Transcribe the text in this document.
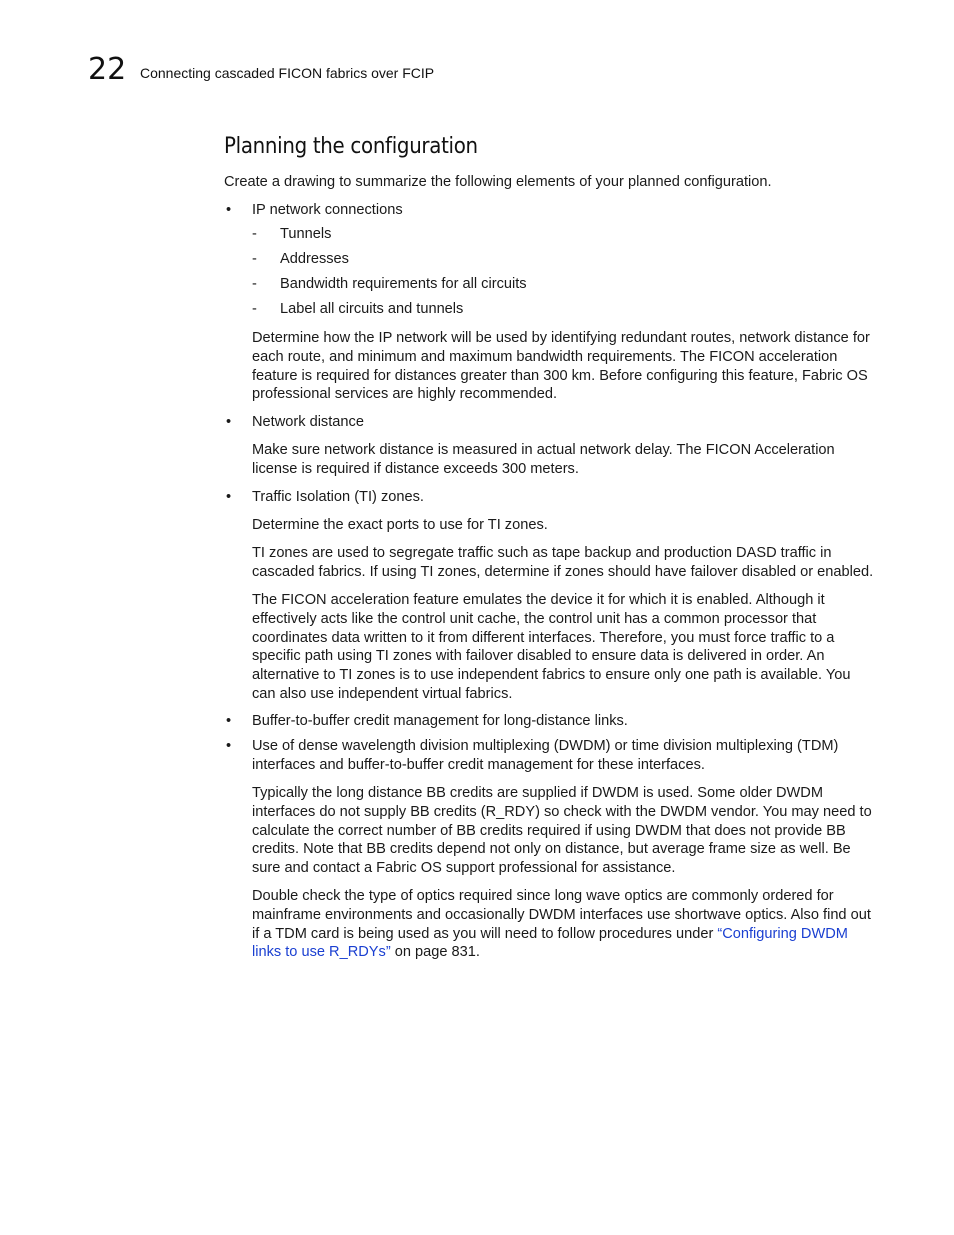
22 Connecting cascaded FICON fabrics over FCIP
Planning the configuration

Create a drawing to summarize the following elements of your planned configuration.

• IP network connections
- Tunnels
- Addresses
- Bandwidth requirements for all circuits
- Label all circuits and tunnels

Determine how the IP network will be used by identifying redundant routes, network distance for each route, and minimum and maximum bandwidth requirements. The FICON acceleration feature is required for distances greater than 300 km. Before configuring this feature, Fabric OS professional services are highly recommended.

• Network distance

Make sure network distance is measured in actual network delay. The FICON Acceleration license is required if distance exceeds 300 meters.

• Traffic Isolation (TI) zones.

Determine the exact ports to use for TI zones.

TI zones are used to segregate traffic such as tape backup and production DASD traffic in cascaded fabrics. If using TI zones, determine if zones should have failover disabled or enabled.

The FICON acceleration feature emulates the device it for which it is enabled. Although it effectively acts like the control unit cache, the control unit has a common processor that coordinates data written to it from different interfaces. Therefore, you must force traffic to a specific path using TI zones with failover disabled to ensure data is delivered in order. An alternative to TI zones is to use independent fabrics to ensure only one path is available. You can also use independent virtual fabrics.

• Buffer-to-buffer credit management for long-distance links.
• Use of dense wavelength division multiplexing (DWDM) or time division multiplexing (TDM) interfaces and buffer-to-buffer credit management for these interfaces.

Typically the long distance BB credits are supplied if DWDM is used. Some older DWDM interfaces do not supply BB credits (R_RDY) so check with the DWDM vendor. You may need to calculate the correct number of BB credits required if using DWDM that does not provide BB credits. Note that BB credits depend not only on distance, but average frame size as well. Be sure and contact a Fabric OS support professional for assistance.

Double check the type of optics required since long wave optics are commonly ordered for mainframe environments and occasionally DWDM interfaces use shortwave optics. Also find out if a TDM card is being used as you will need to follow procedures under “Configuring DWDM links to use R_RDYs” on page 831.
